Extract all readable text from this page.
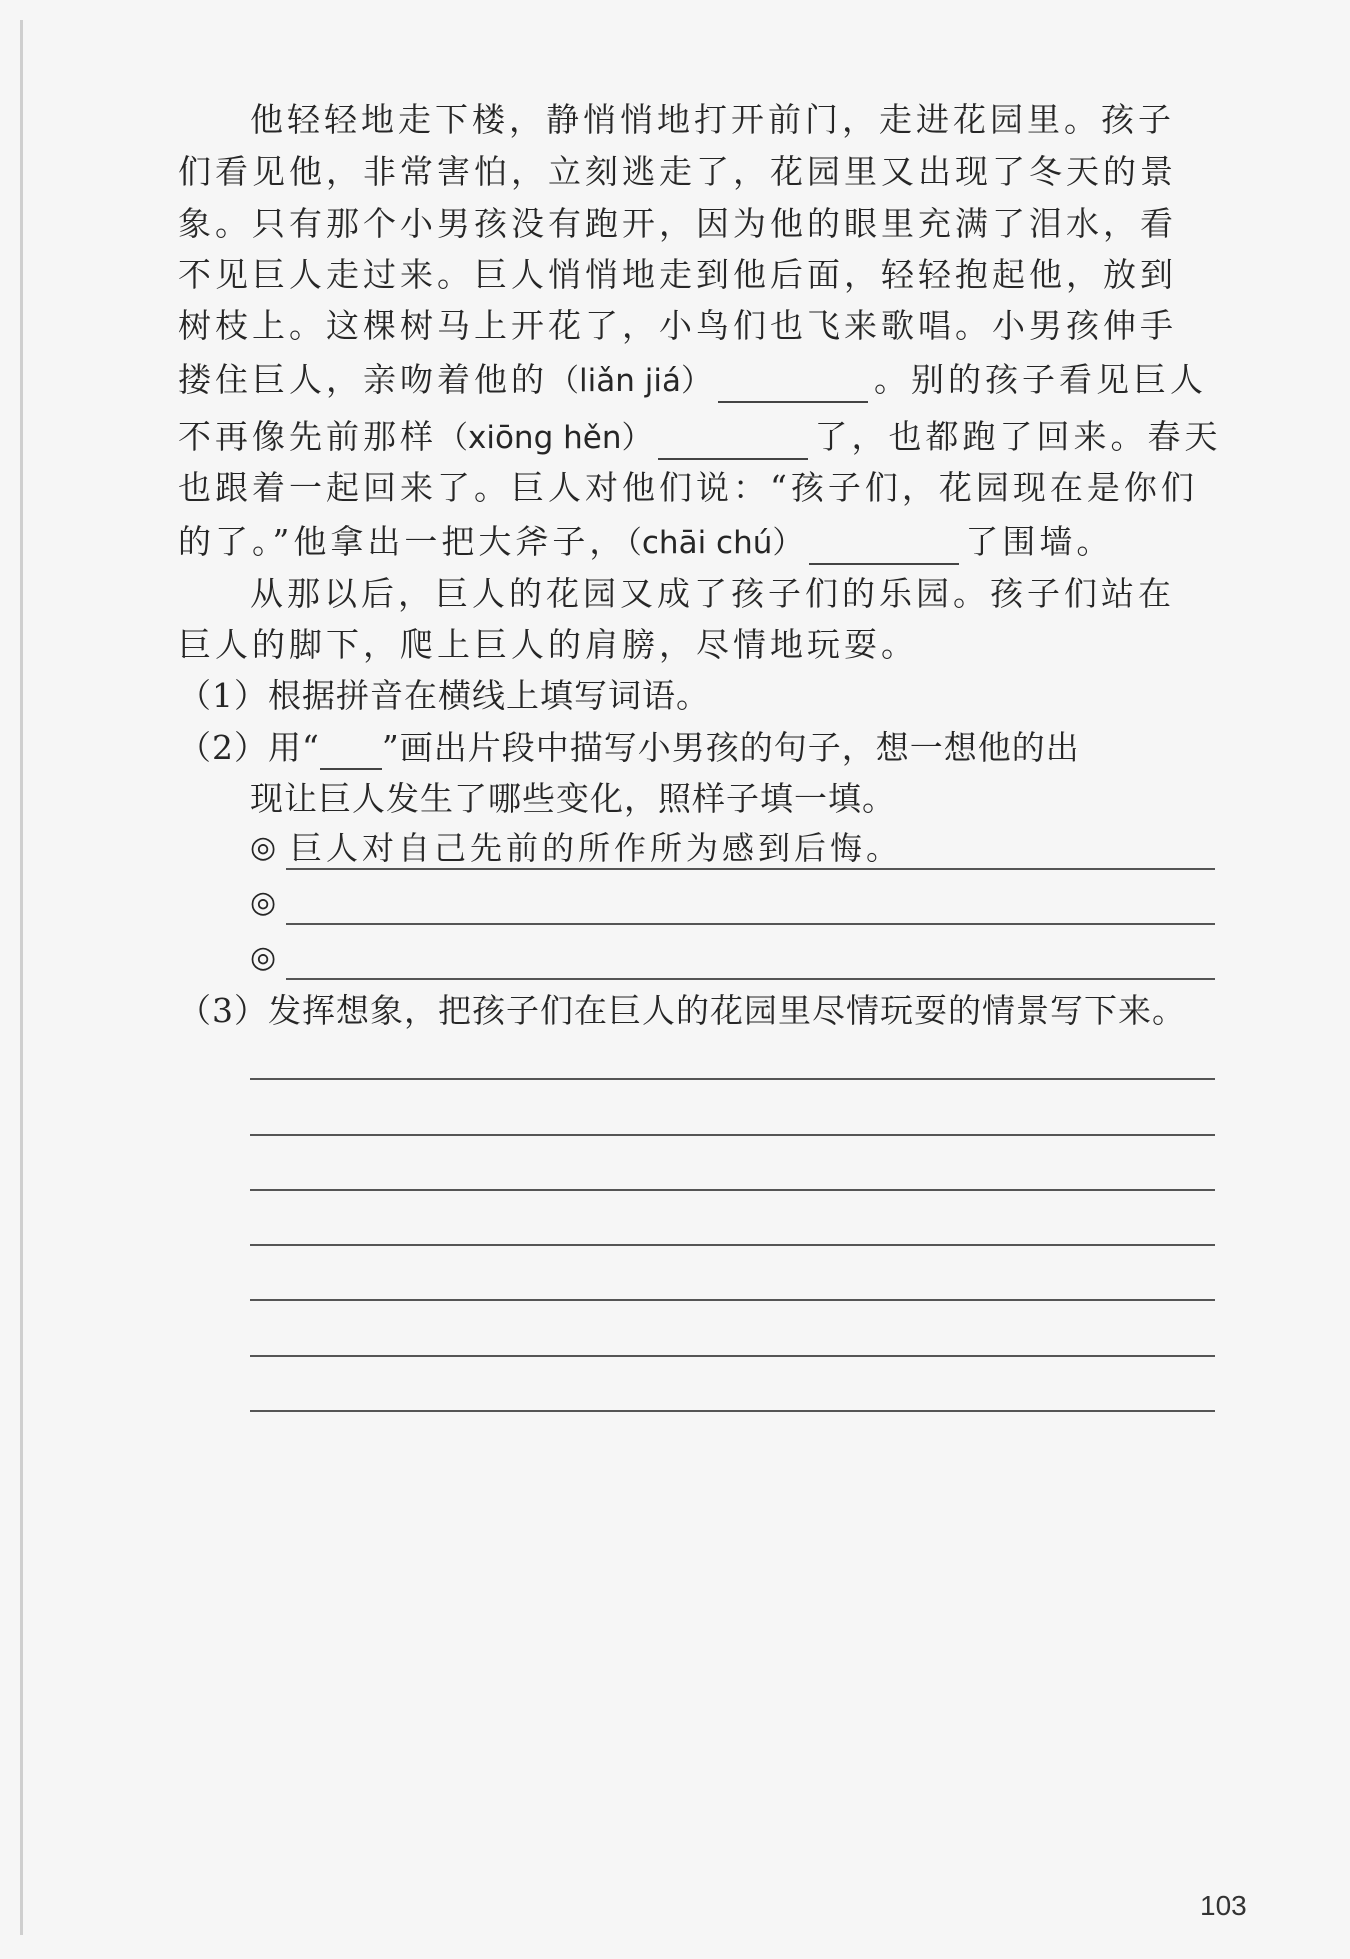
他轻轻地走下楼，静悄悄地打开前门，走进花园里。孩子
们看见他，非常害怕，立刻逃走了，花园里又出现了冬天的景
象。只有那个小男孩没有跑开，因为他的眼里充满了泪水，看
不见巨人走过来。巨人悄悄地走到他后面，轻轻抱起他，放到
树枝上。这棵树马上开花了，小鸟们也飞来歌唱。小男孩伸手
搂住巨人，亲吻着他的（liǎn jiá）	。别的孩子看见巨人
不再像先前那样（xiōng hěn）	了，也都跑了回来。春天
也跟着一起回来了。巨人对他们说：“孩子们，花园现在是你们
的了。”他拿出一把大斧子，（chāi chú）	了围墙。
从那以后，巨人的花园又成了孩子们的乐园。孩子们站在
巨人的脚下，爬上巨人的肩膀，尽情地玩耍。
（1）根据拼音在横线上填写词语。
（2）用“ ”画出片段中描写小男孩的句子，想一想他的出
现让巨人发生了哪些变化，照样子填一填。
◎ 巨人对自己先前的所作所为感到后悔。
◎
◎
（3）发挥想象，把孩子们在巨人的花园里尽情玩耍的情景写下来。
103
